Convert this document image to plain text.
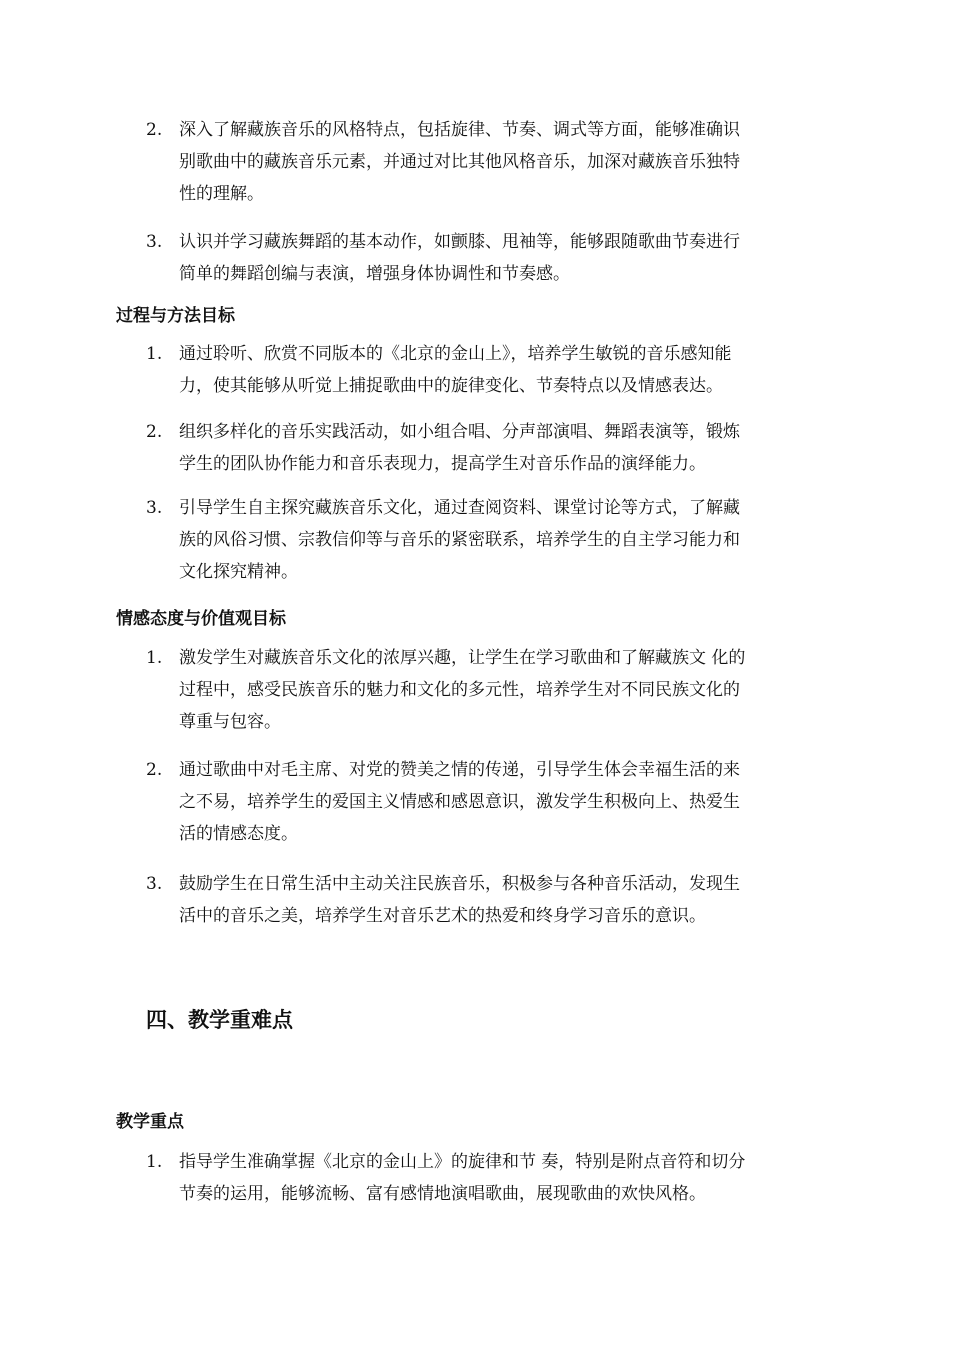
2. 深入了解藏族音乐的风格特点，包括旋律、节奏、调式等方面，能够准确识

别歌曲中的藏族音乐元素，并通过对比其他风格音乐，加深对藏族音乐独特

性的理解。

3. 认识并学习藏族舞蹈的基本动作，如颤膝、甩袖等，能够跟随歌曲节奏进行

简单的舞蹈创编与表演，增强身体协调性和节奏感。

过程与方法目标
1. 通过聆听、欣赏不同版本的《北京的金山上》，培养学生敏锐的音乐感知能

力，使其能够从听觉上捕捉歌曲中的旋律变化、节奏特点以及情感表达。

2. 组织多样化的音乐实践活动，如小组合唱、分声部演唱、舞蹈表演等，锻炼

学生的团队协作能力和音乐表现力，提高学生对音乐作品的演绎能力。

3. 引导学生自主探究藏族音乐文化，通过查阅资料、课堂讨论等方式，了解藏

族的风俗习惯、宗教信仰等与音乐的紧密联系，培养学生的自主学习能力和

文化探究精神。

情感态度与价值观目标
1. 激发学生对藏族音乐文化的浓厚兴趣，让学生在学习歌曲和了解藏族文 化的

过程中，感受民族音乐的魅力和文化的多元性，培养学生对不同民族文化的

尊重与包容。

2. 通过歌曲中对毛主席、对党的赞美之情的传递，引导学生体会幸福生活的来

之不易，培养学生的爱国主义情感和感恩意识，激发学生积极向上、热爱生

活的情感态度。

3. 鼓励学生在日常生活中主动关注民族音乐，积极参与各种音乐活动，发现生

活中的音乐之美，培养学生对音乐艺术的热爱和终身学习音乐的意识。

四、教学重难点
教学重点
1. 指导学生准确掌握《北京的金山上》的旋律和节 奏，特别是附点音符和切分

节奏的运用，能够流畅、富有感情地演唱歌曲，展现歌曲的欢快风格。
